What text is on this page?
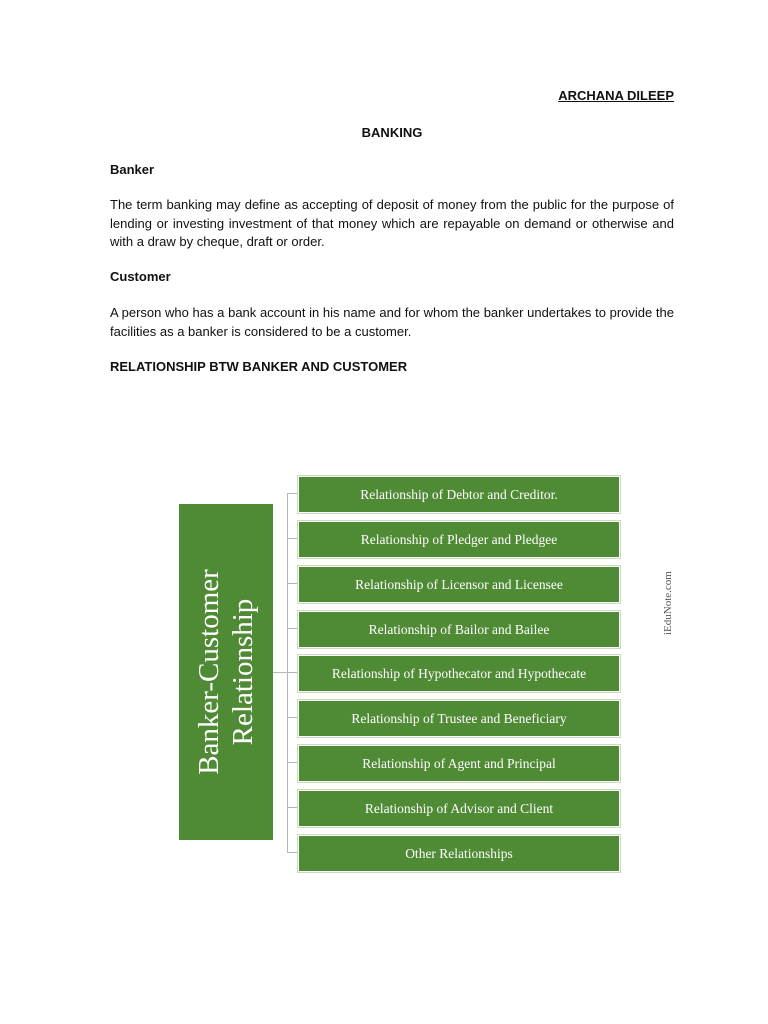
ARCHANA DILEEP
BANKING
Banker
The term banking may define as accepting of deposit of money from the public for the purpose of lending or investing investment of that money which are repayable on demand or otherwise and with a draw by cheque, draft or order.
Customer
A person who has a bank account in his name and for whom the banker undertakes to provide the facilities as a banker is considered to be a customer.
RELATIONSHIP BTW BANKER AND CUSTOMER
Banker-Customer Relationship
Relationship of Debtor and Creditor.
Relationship of Pledger and Pledgee
Relationship of Licensor and Licensee
Relationship of Bailor and Bailee
Relationship of Hypothecator and Hypothecate
Relationship of Trustee and Beneficiary
Relationship of Agent and Principal
Relationship of Advisor and Client
Other Relationships
iEduNote.com
